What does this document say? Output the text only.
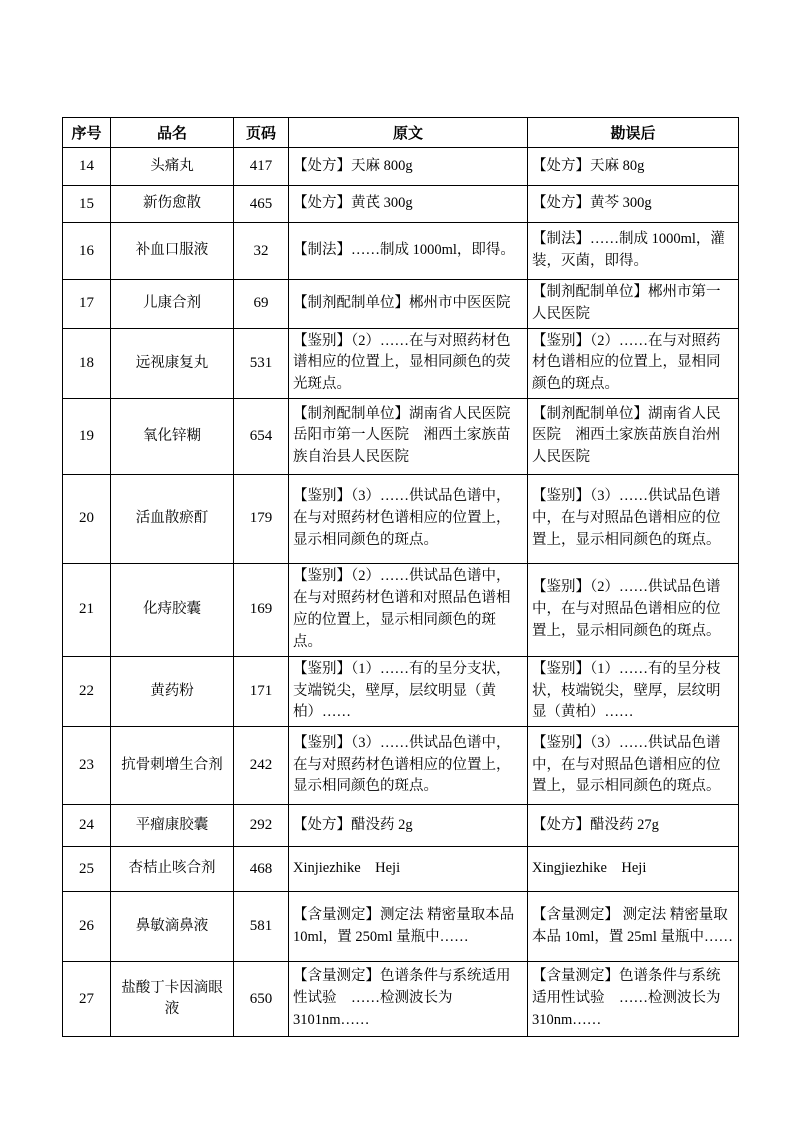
序号	品名	页码	原文	勘误后
14	头痛丸	417	【处方】天麻 800g	【处方】天麻 80g
15	新伤愈散	465	【处方】黄芪 300g	【处方】黄芩 300g
16	补血口服液	32	【制法】……制成 1000ml，即得。	【制法】……制成 1000ml，灌装，灭菌，即得。
17	儿康合剂	69	【制剂配制单位】郴州市中医医院	【制剂配制单位】郴州市第一人民医院
18	远视康复丸	531	【鉴别】（2）……在与对照药材色谱相应的位置上，显相同颜色的荧光斑点。	【鉴别】（2）……在与对照药材色谱相应的位置上，显相同颜色的斑点。
19	氧化锌糊	654	【制剂配制单位】湖南省人民医院 岳阳市第一人医院　湘西土家族苗族自治县人民医院	【制剂配制单位】湖南省人民医院　湘西土家族苗族自治州人民医院
20	活血散瘀酊	179	【鉴别】（3）……供试品色谱中，在与对照药材色谱相应的位置上，显示相同颜色的斑点。	【鉴别】（3）……供试品色谱中，在与对照品色谱相应的位置上，显示相同颜色的斑点。
21	化痔胶囊	169	【鉴别】（2）……供试品色谱中，在与对照药材色谱和对照品色谱相应的位置上，显示相同颜色的斑点。	【鉴别】（2）……供试品色谱中，在与对照品色谱相应的位置上，显示相同颜色的斑点。
22	黄药粉	171	【鉴别】（1）……有的呈分支状，支端锐尖，壁厚，层纹明显（黄柏）……	【鉴别】（1）……有的呈分枝状，枝端锐尖，壁厚，层纹明显（黄柏）……
23	抗骨刺增生合剂	242	【鉴别】（3）……供试品色谱中，在与对照药材色谱相应的位置上，显示相同颜色的斑点。	【鉴别】（3）……供试品色谱中，在与对照品色谱相应的位置上，显示相同颜色的斑点。
24	平瘤康胶囊	292	【处方】醋没药 2g	【处方】醋没药 27g
25	杏桔止咳合剂	468	Xinjiezhike　Heji	Xingjiezhike　Heji
26	鼻敏滴鼻液	581	【含量测定】测定法 精密量取本品 10ml，置 250ml 量瓶中……	【含量测定】 测定法 精密量取本品 10ml，置 25ml 量瓶中……
27	盐酸丁卡因滴眼液	650	【含量测定】色谱条件与系统适用性试验　……检测波长为 3101nm……	【含量测定】色谱条件与系统适用性试验　……检测波长为 310nm……
